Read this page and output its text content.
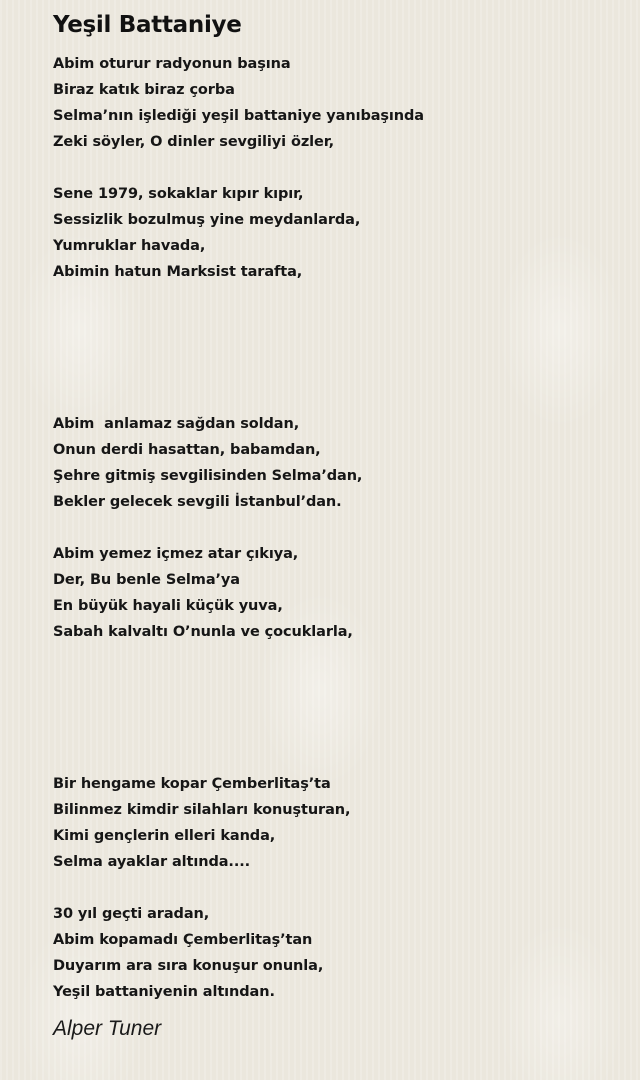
Yeşil Battaniye
Abim oturur radyonun başına
Biraz katık biraz çorba
Selma’nın işlediği yeşil battaniye yanıbaşında
Zeki söyler, O dinler sevgiliyi özler,
Sene 1979, sokaklar kıpır kıpır,
Sessizlik bozulmuş yine meydanlarda,
Yumruklar havada,
Abimin hatun Marksist tarafta,
Abim  anlamaz sağdan soldan,
Onun derdi hasattan, babamdan,
Şehre gitmiş sevgilisinden Selma’dan,
Bekler gelecek sevgili İstanbul’dan.
Abim yemez içmez atar çıkıya,
Der, Bu benle Selma’ya
En büyük hayali küçük yuva,
Sabah kalvaltı O’nunla ve çocuklarla,
Bir hengame kopar Çemberlitaş’ta
Bilinmez kimdir silahları konuşturan,
Kimi gençlerin elleri kanda,
Selma ayaklar altında....
30 yıl geçti aradan,
Abim kopamadı Çemberlitaş’tan
Duyarım ara sıra konuşur onunla,
Yeşil battaniyenin altından.
Alper Tuner
